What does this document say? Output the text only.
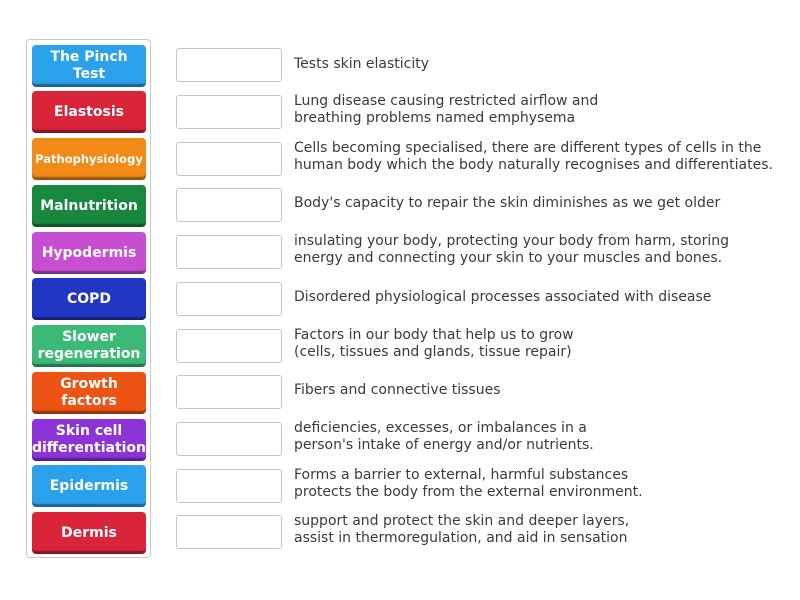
The Pinch
Test
Elastosis
Pathophysiology
Malnutrition
Hypodermis
COPD
Slower
regeneration
Growth
factors
Skin cell
differentiation
Epidermis
Dermis
Tests skin elasticity
Lung disease causing restricted airflow and
breathing problems named emphysema
Cells becoming specialised, there are different types of cells in the
human body which the body naturally recognises and differentiates.
Body's capacity to repair the skin diminishes as we get older
insulating your body, protecting your body from harm, storing
energy and connecting your skin to your muscles and bones.
Disordered physiological processes associated with disease
Factors in our body that help us to grow
(cells, tissues and glands, tissue repair)
Fibers and connective tissues
deficiencies, excesses, or imbalances in a
person's intake of energy and/or nutrients.
Forms a barrier to external, harmful substances
protects the body from the external environment.
support and protect the skin and deeper layers,
assist in thermoregulation, and aid in sensation
